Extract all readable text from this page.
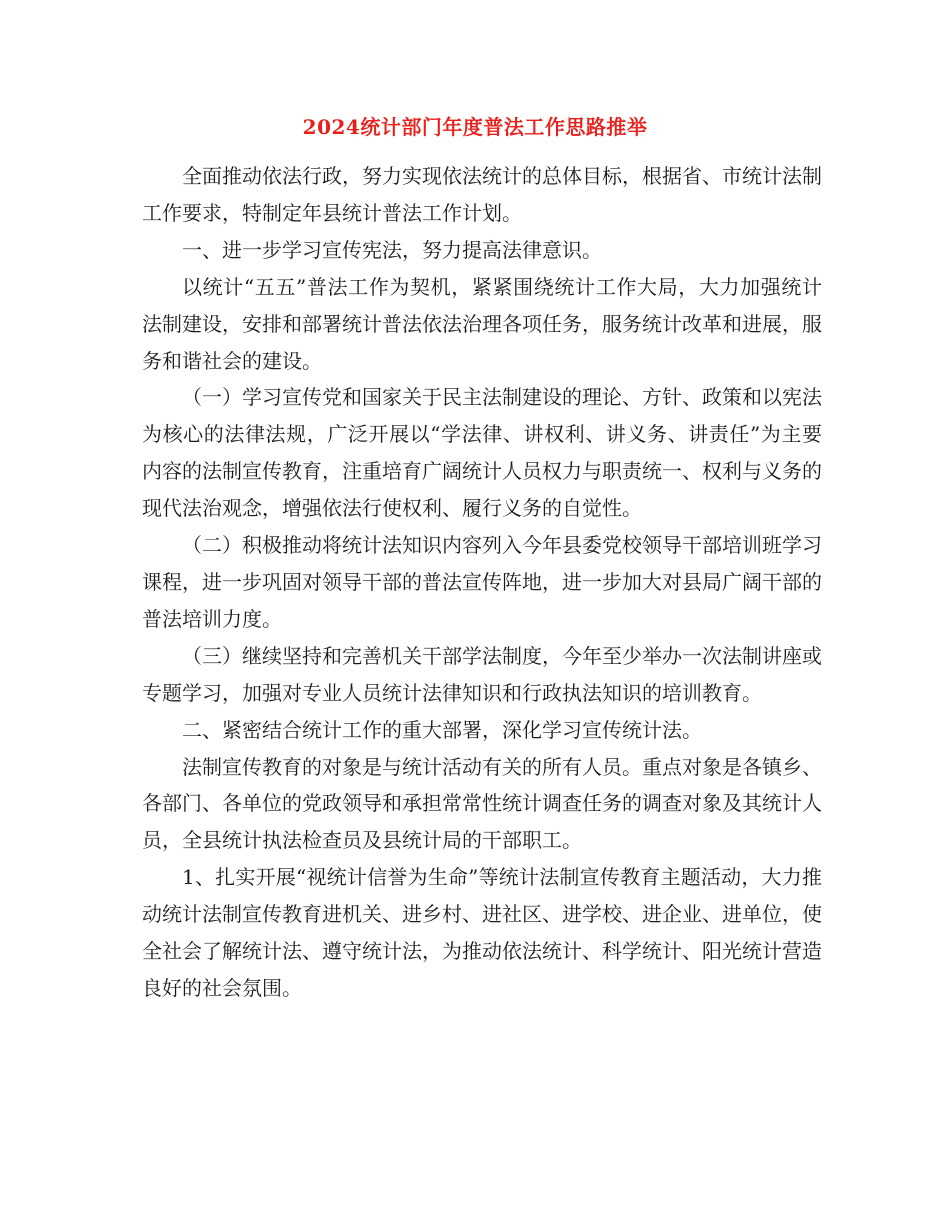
2024统计部门年度普法工作思路推举

全面推动依法行政，努力实现依法统计的总体目标，根据省、市统计法制工作要求，特制定年县统计普法工作计划。

一、进一步学习宣传宪法，努力提高法律意识。

以统计“五五”普法工作为契机，紧紧围绕统计工作大局，大力加强统计法制建设，安排和部署统计普法依法治理各项任务，服务统计改革和进展，服务和谐社会的建设。

（一）学习宣传党和国家关于民主法制建设的理论、方针、政策和以宪法为核心的法律法规，广泛开展以“学法律、讲权利、讲义务、讲责任”为主要内容的法制宣传教育，注重培育广阔统计人员权力与职责统一、权利与义务的现代法治观念，增强依法行使权利、履行义务的自觉性。

（二）积极推动将统计法知识内容列入今年县委党校领导干部培训班学习课程，进一步巩固对领导干部的普法宣传阵地，进一步加大对县局广阔干部的普法培训力度。

（三）继续坚持和完善机关干部学法制度，今年至少举办一次法制讲座或专题学习，加强对专业人员统计法律知识和行政执法知识的培训教育。

二、紧密结合统计工作的重大部署，深化学习宣传统计法。

法制宣传教育的对象是与统计活动有关的所有人员。重点对象是各镇乡、各部门、各单位的党政领导和承担常常性统计调查任务的调查对象及其统计人员，全县统计执法检查员及县统计局的干部职工。

1、扎实开展“视统计信誉为生命”等统计法制宣传教育主题活动，大力推动统计法制宣传教育进机关、进乡村、进社区、进学校、进企业、进单位，使全社会了解统计法、遵守统计法，为推动依法统计、科学统计、阳光统计营造良好的社会氛围。
